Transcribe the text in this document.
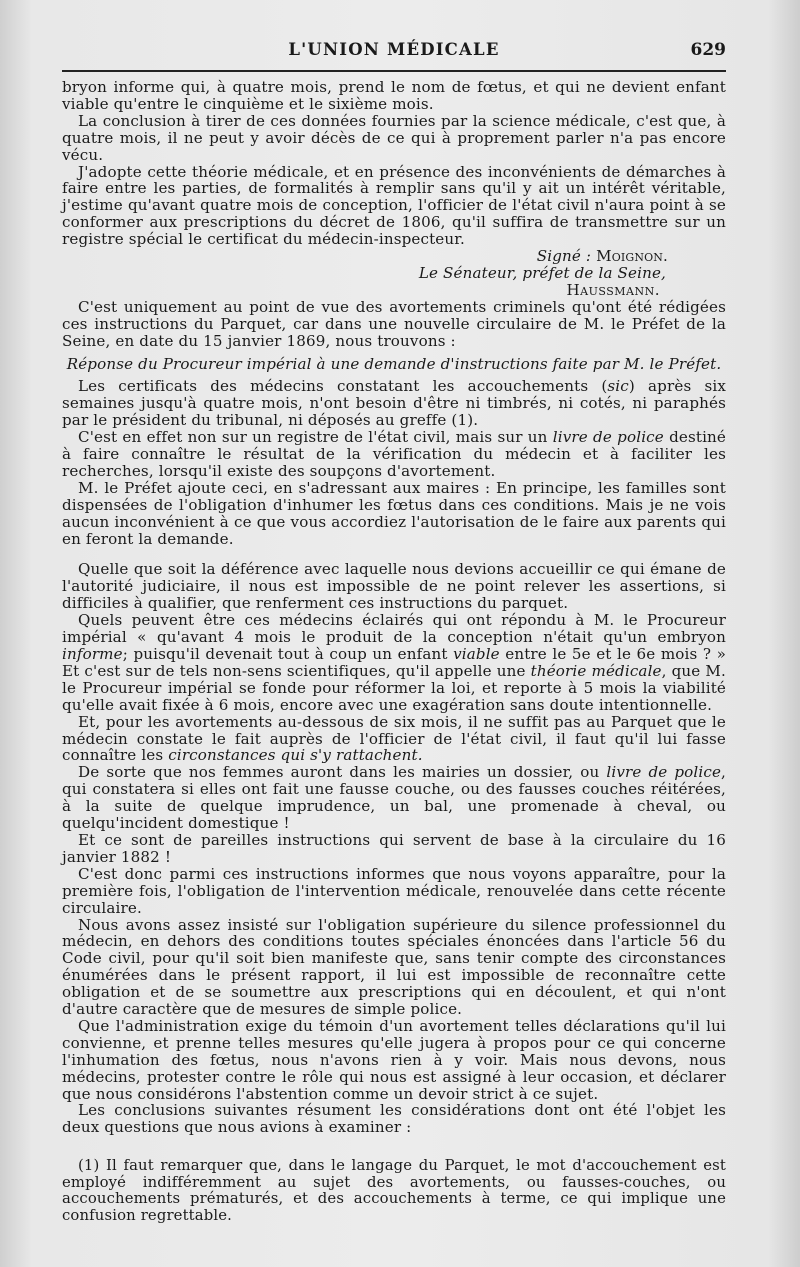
L'UNION MÉDICALE	629

bryon informe qui, à quatre mois, prend le nom de fœtus, et qui ne devient enfant viable qu'entre le cinquième et le sixième mois.

La conclusion à tirer de ces données fournies par la science médicale, c'est que, à quatre mois, il ne peut y avoir décès de ce qui à proprement parler n'a pas encore vécu.

J'adopte cette théorie médicale, et en présence des inconvénients de démarches à faire entre les parties, de formalités à remplir sans qu'il y ait un intérêt véritable, j'estime qu'avant quatre mois de conception, l'officier de l'état civil n'aura point à se conformer aux prescriptions du décret de 1806, qu'il suffira de transmettre sur un registre spécial le certificat du médecin-inspecteur.

Signé : Moignon.

Le Sénateur, préfet de la Seine,

Haussmann.

C'est uniquement au point de vue des avortements criminels qu'ont été rédigées ces instructions du Parquet, car dans une nouvelle circulaire de M. le Préfet de la Seine, en date du 15 janvier 1869, nous trouvons :

Réponse du Procureur impérial à une demande d'instructions faite par M. le Préfet.

Les certificats des médecins constatant les accouchements (sic) après six semaines jusqu'à quatre mois, n'ont besoin d'être ni timbrés, ni cotés, ni paraphés par le président du tribunal, ni déposés au greffe (1).

C'est en effet non sur un registre de l'état civil, mais sur un livre de police destiné à faire connaître le résultat de la vérification du médecin et à faciliter les recherches, lorsqu'il existe des soupçons d'avortement.

M. le Préfet ajoute ceci, en s'adressant aux maires : En principe, les familles sont dispensées de l'obligation d'inhumer les fœtus dans ces conditions. Mais je ne vois aucun inconvénient à ce que vous accordiez l'autorisation de le faire aux parents qui en feront la demande.

Quelle que soit la déférence avec laquelle nous devions accueillir ce qui émane de l'autorité judiciaire, il nous est impossible de ne point relever les assertions, si difficiles à qualifier, que renferment ces instructions du parquet.

Quels peuvent être ces médecins éclairés qui ont répondu à M. le Procureur impérial « qu'avant 4 mois le produit de la conception n'était qu'un embryon informe; puisqu'il devenait tout à coup un enfant viable entre le 5e et le 6e mois ? » Et c'est sur de tels non-sens scientifiques, qu'il appelle une théorie médicale, que M. le Procureur impérial se fonde pour réformer la loi, et reporte à 5 mois la viabilité qu'elle avait fixée à 6 mois, encore avec une exagération sans doute intentionnelle.

Et, pour les avortements au-dessous de six mois, il ne suffit pas au Parquet que le médecin constate le fait auprès de l'officier de l'état civil, il faut qu'il lui fasse connaître les circonstances qui s'y rattachent.

De sorte que nos femmes auront dans les mairies un dossier, ou livre de police, qui constatera si elles ont fait une fausse couche, ou des fausses couches réitérées, à la suite de quelque imprudence, un bal, une promenade à cheval, ou quelqu'incident domestique !

Et ce sont de pareilles instructions qui servent de base à la circulaire du 16 janvier 1882 !

C'est donc parmi ces instructions informes que nous voyons apparaître, pour la première fois, l'obligation de l'intervention médicale, renouvelée dans cette récente circulaire.

Nous avons assez insisté sur l'obligation supérieure du silence professionnel du médecin, en dehors des conditions toutes spéciales énoncées dans l'article 56 du Code civil, pour qu'il soit bien manifeste que, sans tenir compte des circonstances énumérées dans le présent rapport, il lui est impossible de reconnaître cette obligation et de se soumettre aux prescriptions qui en découlent, et qui n'ont d'autre caractère que de mesures de simple police.

Que l'administration exige du témoin d'un avortement telles déclarations qu'il lui convienne, et prenne telles mesures qu'elle jugera à propos pour ce qui concerne l'inhumation des fœtus, nous n'avons rien à y voir. Mais nous devons, nous médecins, protester contre le rôle qui nous est assigné à leur occasion, et déclarer que nous considérons l'abstention comme un devoir strict à ce sujet.

Les conclusions suivantes résument les considérations dont ont été l'objet les deux questions que nous avions à examiner :

(1) Il faut remarquer que, dans le langage du Parquet, le mot d'accouchement est employé indifféremment au sujet des avortements, ou fausses-couches, ou accouchements prématurés, et des accouchements à terme, ce qui implique une confusion regrettable.
